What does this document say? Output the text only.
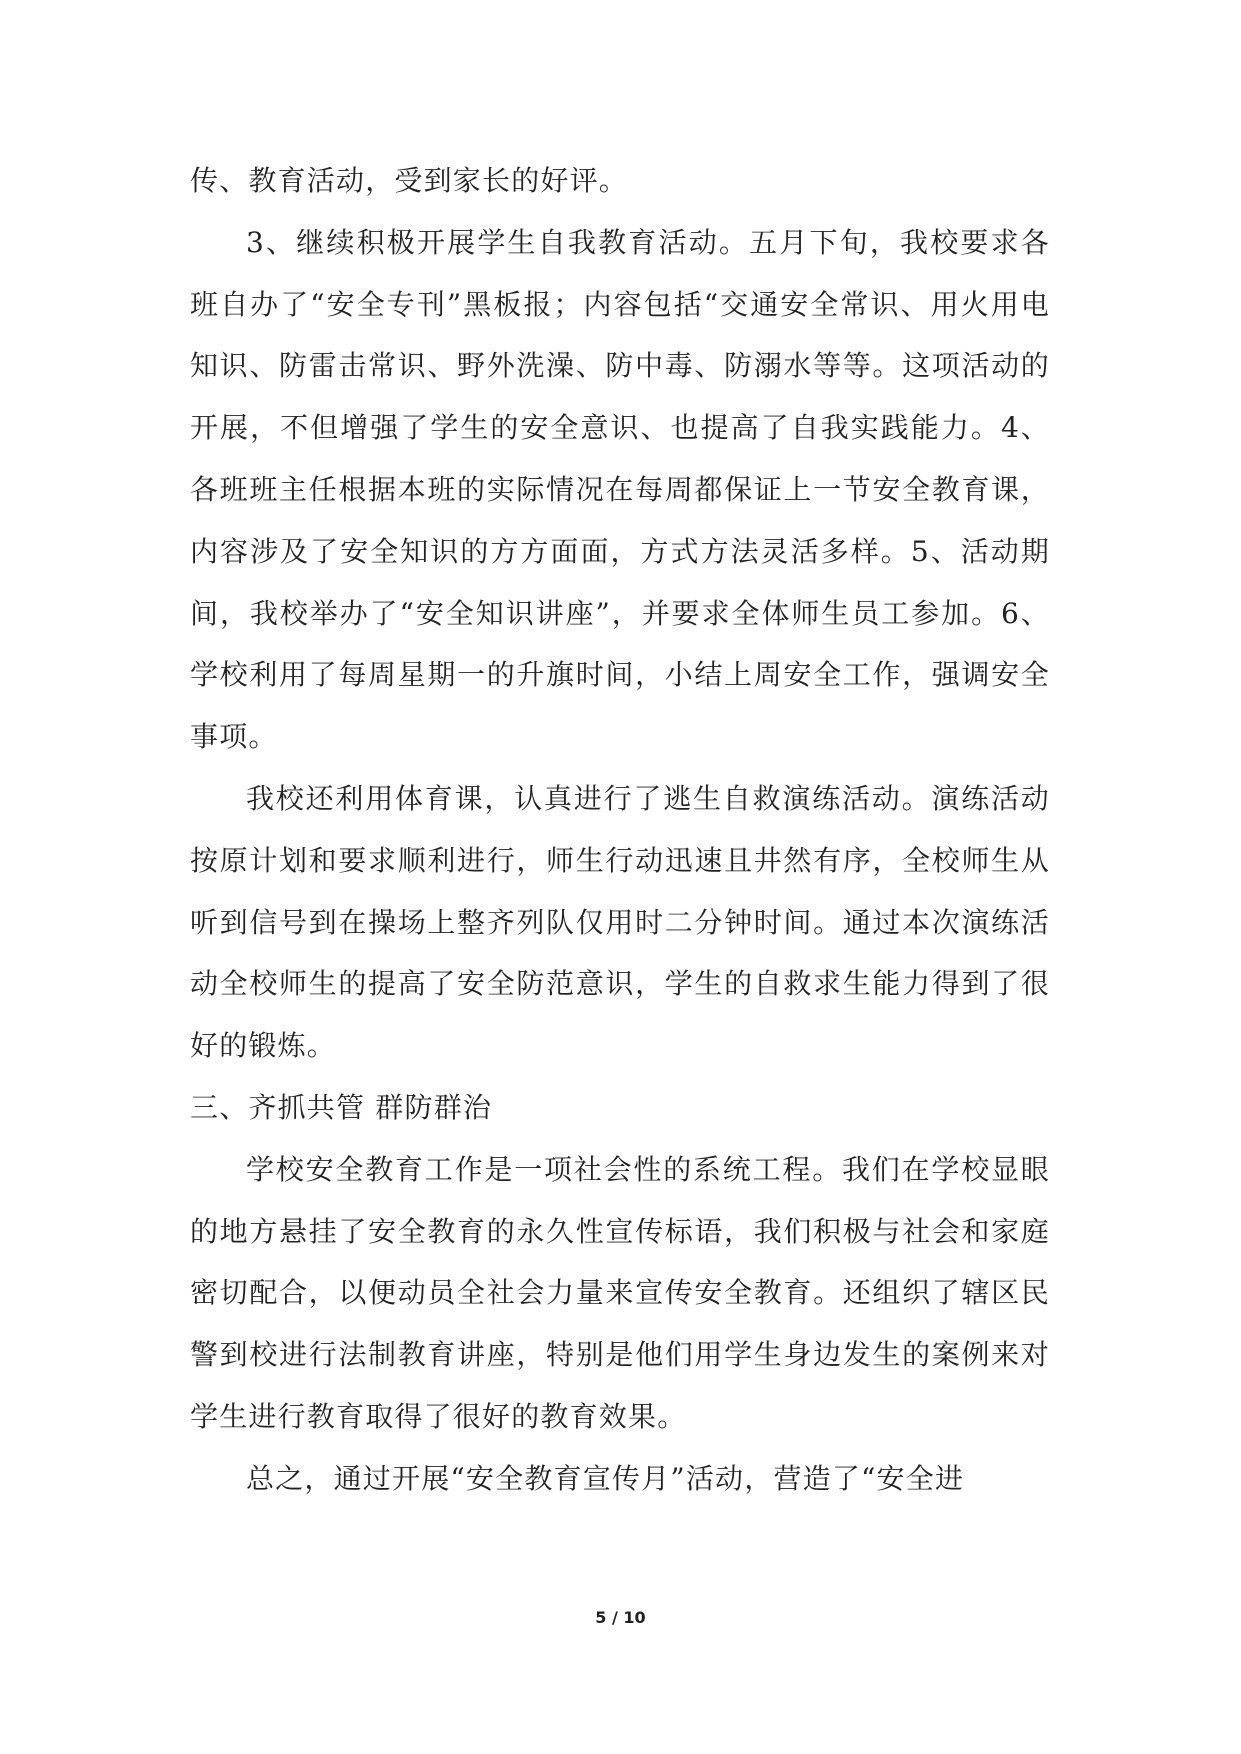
传、教育活动，受到家长的好评。

3、继续积极开展学生自我教育活动。五月下旬，我校要求各班自办了“安全专刊”黑板报；内容包括“交通安全常识、用火用电知识、防雷击常识、野外洗澡、防中毒、防溺水等等。这项活动的开展，不但增强了学生的安全意识、也提高了自我实践能力。4、各班班主任根据本班的实际情况在每周都保证上一节安全教育课，内容涉及了安全知识的方方面面，方式方法灵活多样。5、活动期间，我校举办了“安全知识讲座”，并要求全体师生员工参加。6、学校利用了每周星期一的升旗时间，小结上周安全工作，强调安全事项。

我校还利用体育课，认真进行了逃生自救演练活动。演练活动按原计划和要求顺利进行，师生行动迅速且井然有序，全校师生从听到信号到在操场上整齐列队仅用时二分钟时间。通过本次演练活动全校师生的提高了安全防范意识，学生的自救求生能力得到了很好的锻炼。

三、齐抓共管 群防群治

学校安全教育工作是一项社会性的系统工程。我们在学校显眼的地方悬挂了安全教育的永久性宣传标语，我们积极与社会和家庭密切配合，以便动员全社会力量来宣传安全教育。还组织了辖区民警到校进行法制教育讲座，特别是他们用学生身边发生的案例来对学生进行教育取得了很好的教育效果。

总之，通过开展“安全教育宣传月”活动，营造了“安全进

5 / 10
